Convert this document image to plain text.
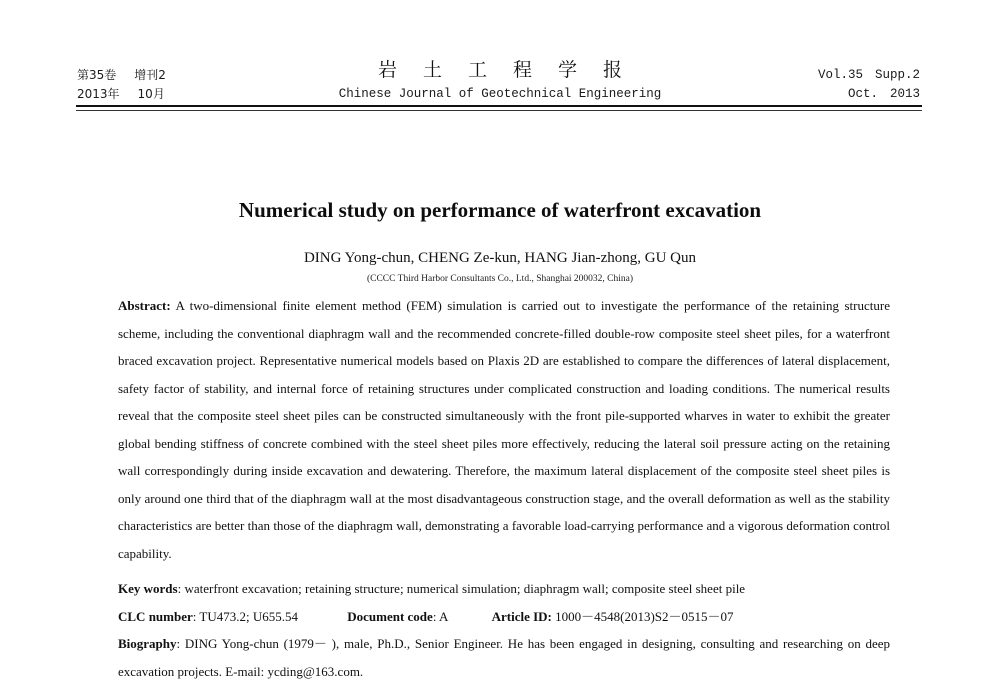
第35卷 增刊2
2013年 10月
岩土工程学报
Chinese Journal of Geotechnical Engineering
Vol.35 Supp.2
Oct. 2013
Numerical study on performance of waterfront excavation
DING Yong-chun, CHENG Ze-kun, HANG Jian-zhong, GU Qun
(CCCC Third Harbor Consultants Co., Ltd., Shanghai 200032, China)
Abstract: A two-dimensional finite element method (FEM) simulation is carried out to investigate the performance of the retaining structure scheme, including the conventional diaphragm wall and the recommended concrete-filled double-row composite steel sheet piles, for a waterfront braced excavation project. Representative numerical models based on Plaxis 2D are established to compare the differences of lateral displacement, safety factor of stability, and internal force of retaining structures under complicated construction and loading conditions. The numerical results reveal that the composite steel sheet piles can be constructed simultaneously with the front pile-supported wharves in water to exhibit the greater global bending stiffness of concrete combined with the steel sheet piles more effectively, reducing the lateral soil pressure acting on the retaining wall correspondingly during inside excavation and dewatering. Therefore, the maximum lateral displacement of the composite steel sheet piles is only around one third that of the diaphragm wall at the most disadvantageous construction stage, and the overall deformation as well as the stability characteristics are better than those of the diaphragm wall, demonstrating a favorable load-carrying performance and a vigorous deformation control capability.
Key words: waterfront excavation; retaining structure; numerical simulation; diaphragm wall; composite steel sheet pile
CLC number: TU473.2; U655.54	Document code: A	Article ID: 1000－4548(2013)S2－0515－07
Biography: DING Yong-chun (1979－ ), male, Ph.D., Senior Engineer. He has been engaged in designing, consulting and researching on deep excavation projects. E-mail: ycding@163.com.
